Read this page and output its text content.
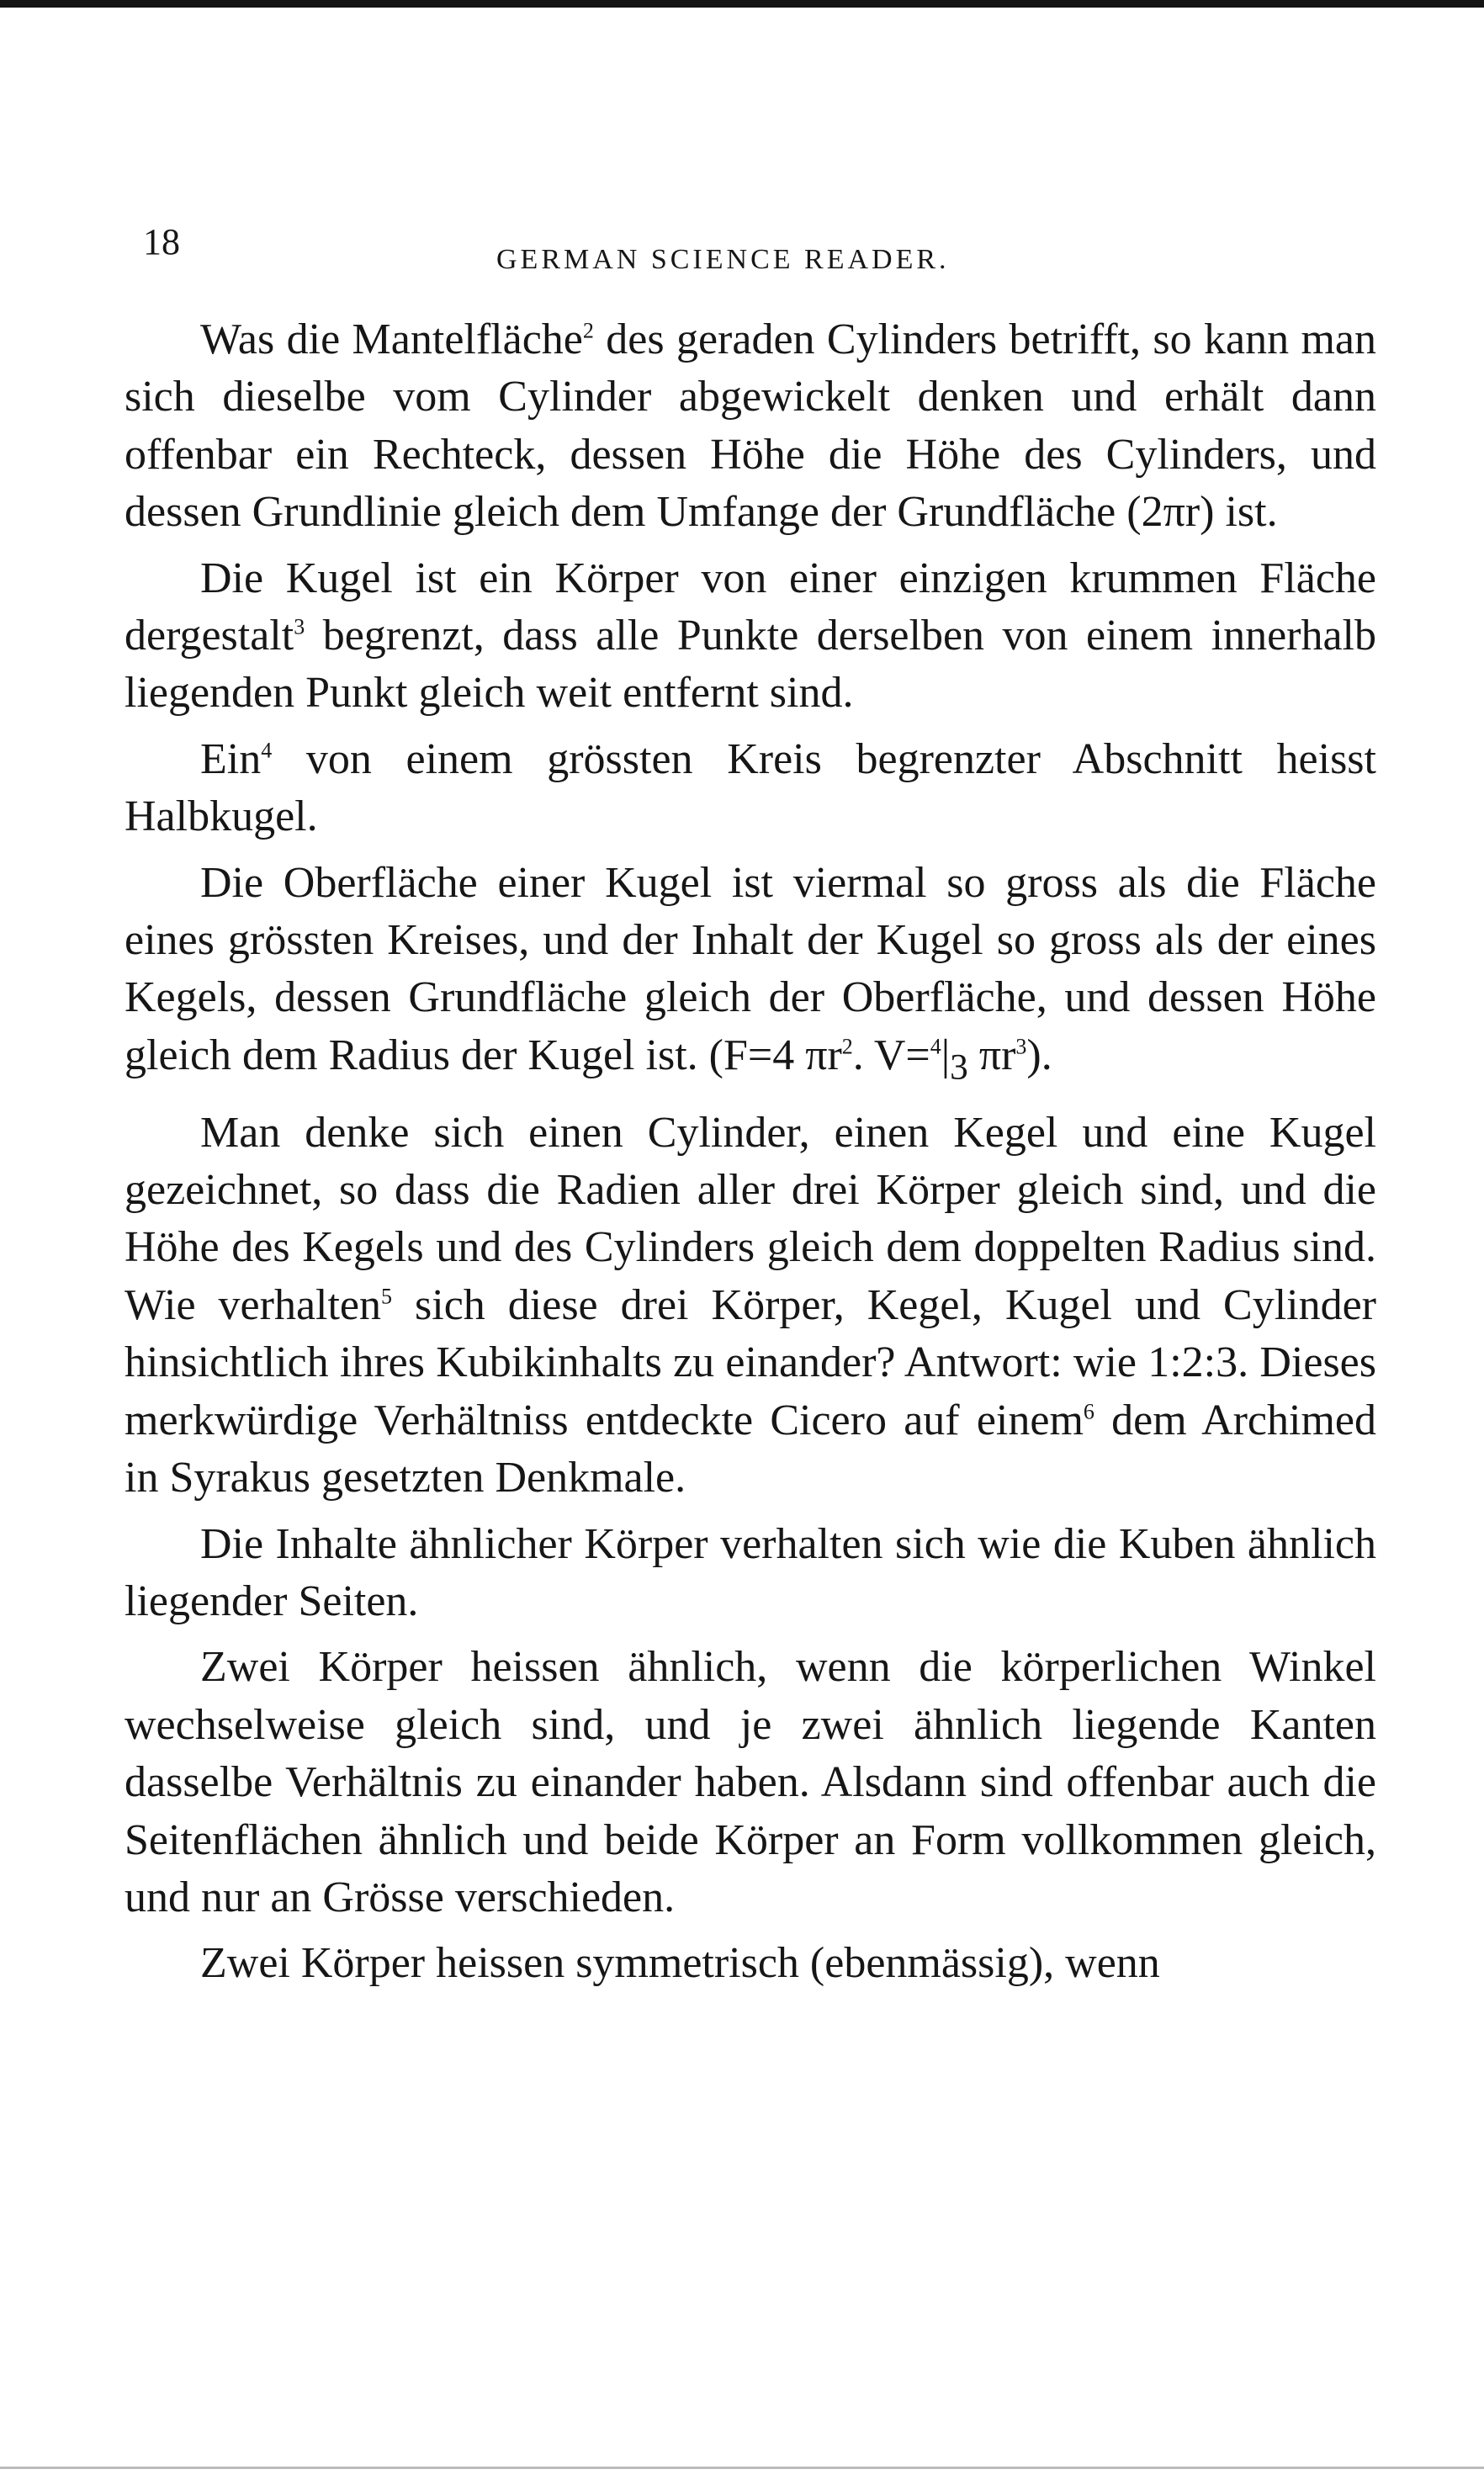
18	GERMAN SCIENCE READER.

Was die Mantelfläche$^2$ des geraden Cylinders betrifft, so kann man sich dieselbe vom Cylinder abgewickelt denken und erhält dann offenbar ein Rechteck, dessen Höhe die Höhe des Cylinders, und dessen Grundlinie gleich dem Umfange der Grundfläche (2πr) ist.

Die Kugel ist ein Körper von einer einzigen krummen Fläche dergestalt$^3$ begrenzt, dass alle Punkte derselben von einem innerhalb liegenden Punkt gleich weit entfernt sind.

Ein$^4$ von einem grössten Kreis begrenzter Abschnitt heisst Halbkugel.

Die Oberfläche einer Kugel ist viermal so gross als die Fläche eines grössten Kreises, und der Inhalt der Kugel so gross als der eines Kegels, dessen Grundfläche gleich der Oberfläche, und dessen Höhe gleich dem Radius der Kugel ist. (F=4 $\pi r^2$. $V=^4|_3$ $\pi r^3$).

Man denke sich einen Cylinder, einen Kegel und eine Kugel gezeichnet, so dass die Radien aller drei Körper gleich sind, und die Höhe des Kegels und des Cylinders gleich dem doppelten Radius sind. Wie verhalten$^5$ sich diese drei Körper, Kegel, Kugel und Cylinder hinsichtlich ihres Kubikinhalts zu einander? Antwort: wie 1:2:3. Dieses merkwürdige Verhältniss entdeckte Cicero auf einem$^6$ dem Archimed in Syrakus gesetzten Denkmale.

Die Inhalte ähnlicher Körper verhalten sich wie die Kuben ähnlich liegender Seiten.

Zwei Körper heissen ähnlich, wenn die körperlichen Winkel wechselweise gleich sind, und je zwei ähnlich liegende Kanten dasselbe Verhältnis zu einander haben. Alsdann sind offenbar auch die Seitenflächen ähnlich und beide Körper an Form vollkommen gleich, und nur an Grösse verschieden.

Zwei Körper heissen symmetrisch (ebenmässig), wenn
